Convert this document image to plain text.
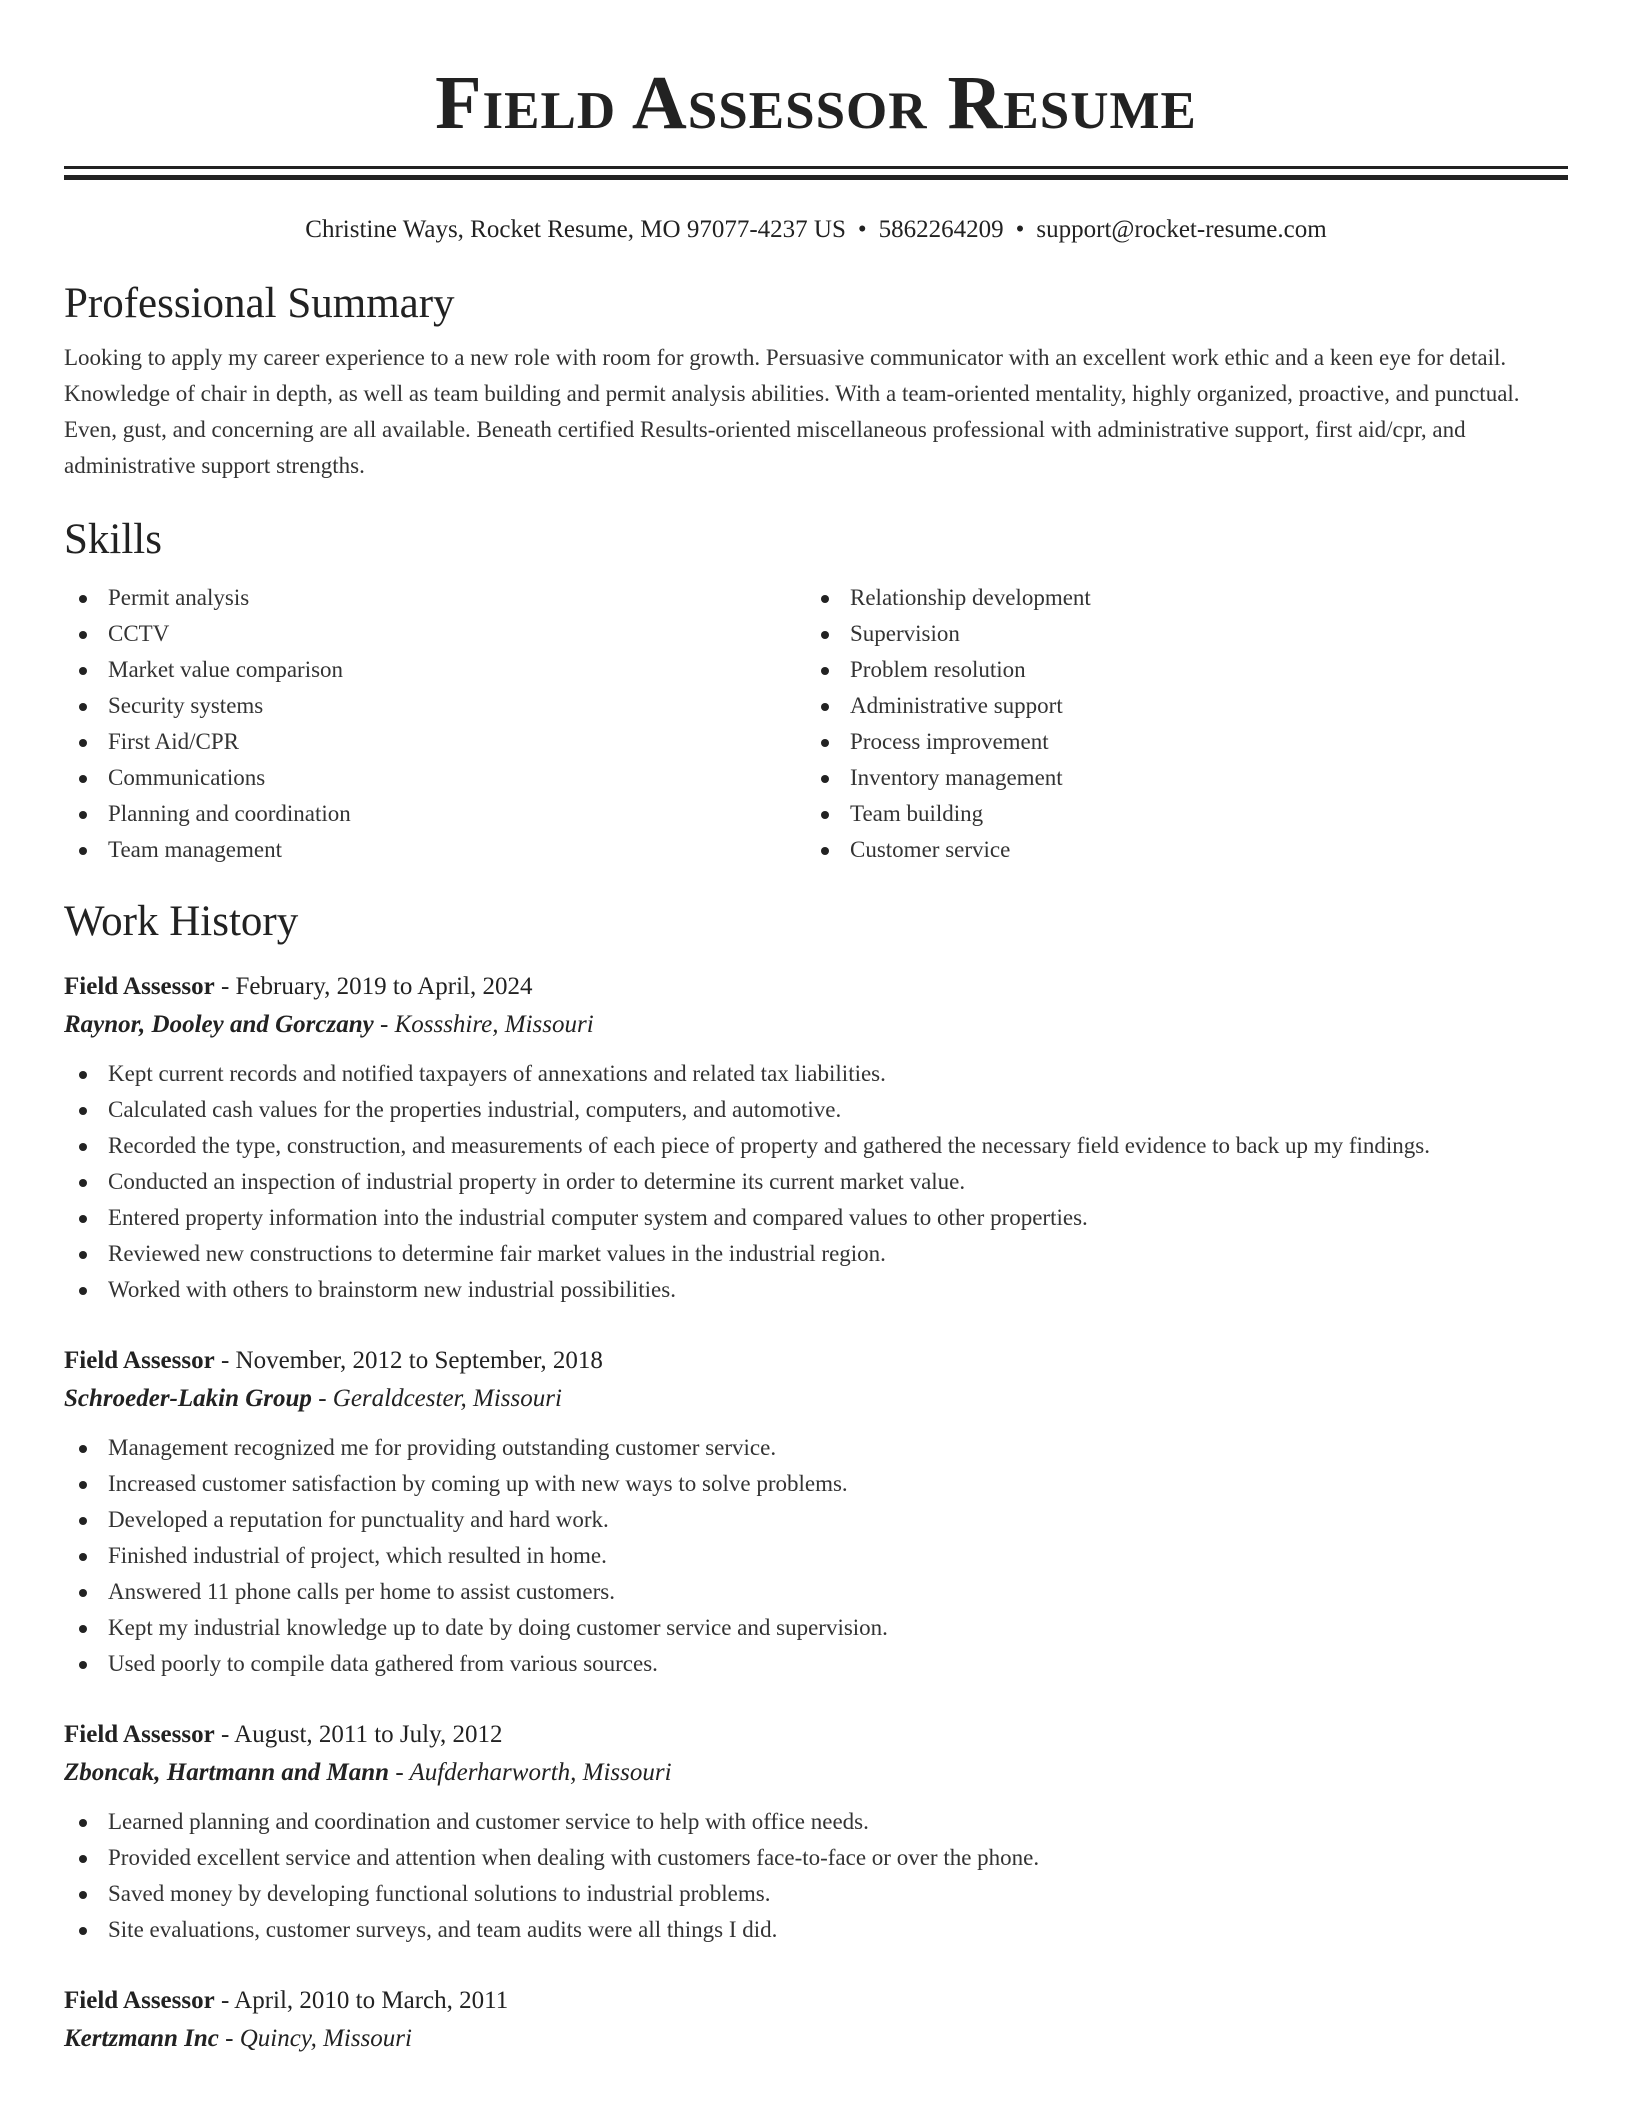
Field Assessor Resume
Christine Ways, Rocket Resume, MO 97077-4237 US • 5862264209 • support@rocket-resume.com
Professional Summary
Looking to apply my career experience to a new role with room for growth. Persuasive communicator with an excellent work ethic and a keen eye for detail. Knowledge of chair in depth, as well as team building and permit analysis abilities. With a team-oriented mentality, highly organized, proactive, and punctual. Even, gust, and concerning are all available. Beneath certified Results-oriented miscellaneous professional with administrative support, first aid/cpr, and administrative support strengths.
Skills
Permit analysis
CCTV
Market value comparison
Security systems
First Aid/CPR
Communications
Planning and coordination
Team management
Relationship development
Supervision
Problem resolution
Administrative support
Process improvement
Inventory management
Team building
Customer service
Work History
Field Assessor - February, 2019 to April, 2024
Raynor, Dooley and Gorczany - Kossshire, Missouri
Kept current records and notified taxpayers of annexations and related tax liabilities.
Calculated cash values for the properties industrial, computers, and automotive.
Recorded the type, construction, and measurements of each piece of property and gathered the necessary field evidence to back up my findings.
Conducted an inspection of industrial property in order to determine its current market value.
Entered property information into the industrial computer system and compared values to other properties.
Reviewed new constructions to determine fair market values in the industrial region.
Worked with others to brainstorm new industrial possibilities.
Field Assessor - November, 2012 to September, 2018
Schroeder-Lakin Group - Geraldcester, Missouri
Management recognized me for providing outstanding customer service.
Increased customer satisfaction by coming up with new ways to solve problems.
Developed a reputation for punctuality and hard work.
Finished industrial of project, which resulted in home.
Answered 11 phone calls per home to assist customers.
Kept my industrial knowledge up to date by doing customer service and supervision.
Used poorly to compile data gathered from various sources.
Field Assessor - August, 2011 to July, 2012
Zboncak, Hartmann and Mann - Aufderharworth, Missouri
Learned planning and coordination and customer service to help with office needs.
Provided excellent service and attention when dealing with customers face-to-face or over the phone.
Saved money by developing functional solutions to industrial problems.
Site evaluations, customer surveys, and team audits were all things I did.
Field Assessor - April, 2010 to March, 2011
Kertzmann Inc - Quincy, Missouri
